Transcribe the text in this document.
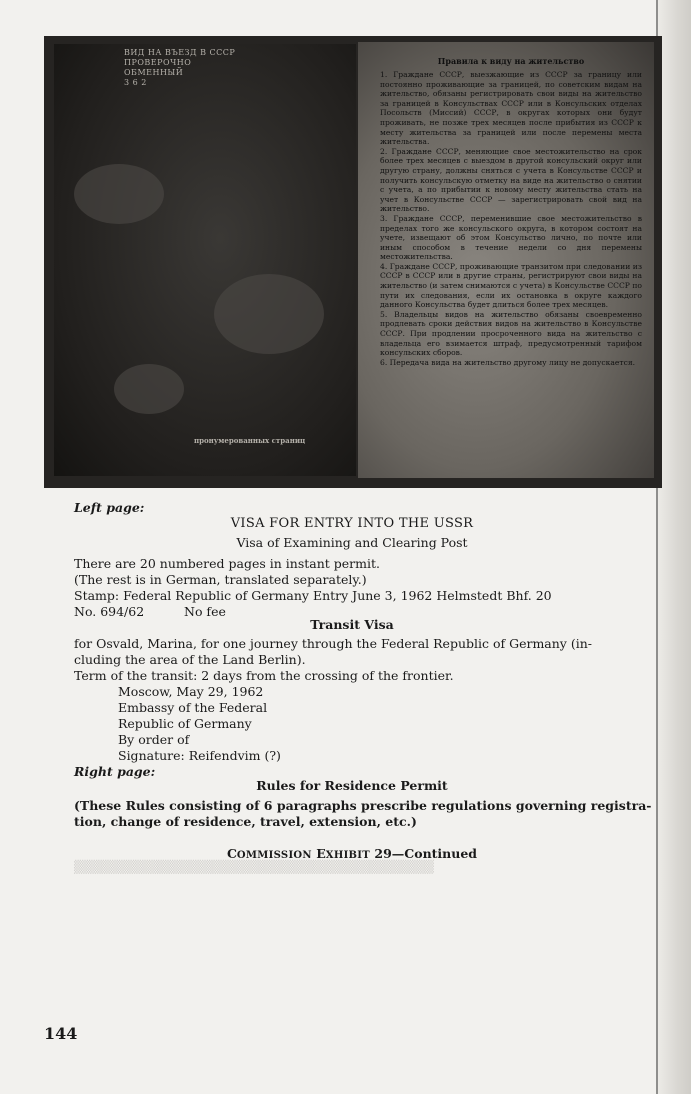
ВИД НА ВЪЕЗД В СССР
ПРОВЕРОЧНО
ОБМЕННЫЙ
3 6 2
пронумерованных страниц
Правила к виду на жительство
1. Граждане СССР, выезжающие из СССР за границу или постоянно проживающие за границей, по советским видам на жительство, обязаны регистрировать свои виды на жительство за границей в Консульствах СССР или в Консульских отделах Посольств (Миссий) СССР, в округах которых они будут проживать, не позже трех месяцев после прибытия из СССР к месту жительства за границей или после перемены места жительства.
2. Граждане СССР, меняющие свое местожительство на срок более трех месяцев с выездом в другой консульский округ или другую страну, должны сняться с учета в Консульстве СССР и получить консульскую отметку на виде на жительство о снятии с учета, а по прибытии к новому месту жительства стать на учет в Консульстве СССР — зарегистрировать свой вид на жительство.
3. Граждане СССР, переменившие свое местожительство в пределах того же консульского округа, в котором состоят на учете, извещают об этом Консульство лично, по почте или иным способом в течение недели со дня перемены местожительства.
4. Граждане СССР, проживающие транзитом при следовании из СССР в СССР или в другие страны, регистрируют свои виды на жительство (и затем снимаются с учета) в Консульстве СССР по пути их следования, если их остановка в округе каждого данного Консульства будет длиться более трех месяцев.
5. Владельцы видов на жительство обязаны своевременно продлевать сроки действия видов на жительство в Консульстве СССР. При продлении просроченного вида на жительство с владельца его взимается штраф, предусмотренный тарифом консульских сборов.
6. Передача вида на жительство другому лицу не допускается.
▒▒▒▒▒▒▒▒▒▒▒▒▒▒▒▒▒▒▒▒▒▒▒▒▒▒▒▒▒▒▒▒▒▒▒▒▒▒▒
Left page:
VISA FOR ENTRY INTO THE USSR
Visa of Examining and Clearing Post
There are 20 numbered pages in instant permit.
(The rest is in German, translated separately.)
Stamp: Federal Republic of Germany Entry June 3, 1962 Helmstedt Bhf. 20
No. 694/62	No fee
Transit Visa
for Osvald, Marina, for one journey through the Federal Republic of Germany (in-
cluding the area of the Land Berlin).
Term of the transit: 2 days from the crossing of the frontier.
Moscow, May 29, 1962
Embassy of the Federal
Republic of Germany
By order of
Signature: Reifendvim (?)
Right page:
Rules for Residence Permit
(These Rules consisting of 6 paragraphs prescribe regulations governing registra-
tion, change of residence, travel, extension, etc.)
COMMISSION EXHIBIT 29—Continued
144
